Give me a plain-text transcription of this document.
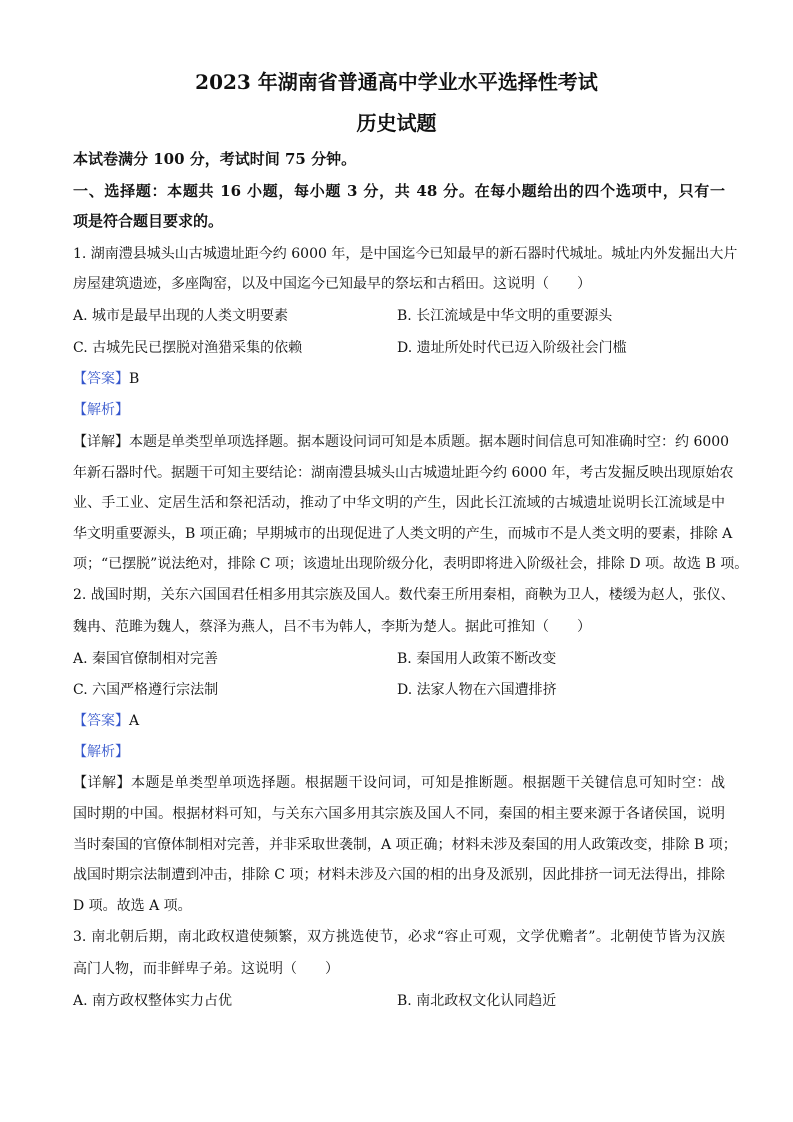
2023 年湖南省普通高中学业水平选择性考试
历史试题
本试卷满分 100 分，考试时间 75 分钟。
一、选择题：本题共 16 小题，每小题 3 分，共 48 分。在每小题给出的四个选项中，只有一
项是符合题目要求的。
1. 湖南澧县城头山古城遗址距今约 6000 年，是中国迄今已知最早的新石器时代城址。城址内外发掘出大片
房屋建筑遗迹，多座陶窑，以及中国迄今已知最早的祭坛和古稻田。这说明（　　）
A. 城市是最早出现的人类文明要素	B. 长江流域是中华文明的重要源头
C. 古城先民已摆脱对渔猎采集的依赖	D. 遗址所处时代已迈入阶级社会门槛
【答案】B
【解析】
【详解】本题是单类型单项选择题。据本题设问词可知是本质题。据本题时间信息可知准确时空：约 6000
年新石器时代。据题干可知主要结论：湖南澧县城头山古城遗址距今约 6000 年，考古发掘反映出现原始农
业、手工业、定居生活和祭祀活动，推动了中华文明的产生，因此长江流域的古城遗址说明长江流域是中
华文明重要源头，B 项正确；早期城市的出现促进了人类文明的产生，而城市不是人类文明的要素，排除 A
项；“已摆脱”说法绝对，排除 C 项；该遗址出现阶级分化，表明即将进入阶级社会，排除 D 项。故选 B 项。
2. 战国时期，关东六国国君任相多用其宗族及国人。数代秦王所用秦相，商鞅为卫人，楼缓为赵人，张仪、
魏冉、范雎为魏人，蔡泽为燕人，吕不韦为韩人，李斯为楚人。据此可推知（　　）
A. 秦国官僚制相对完善	B. 秦国用人政策不断改变
C. 六国严格遵行宗法制	D. 法家人物在六国遭排挤
【答案】A
【解析】
【详解】本题是单类型单项选择题。根据题干设问词，可知是推断题。根据题干关键信息可知时空：战
国时期的中国。根据材料可知，与关东六国多用其宗族及国人不同，秦国的相主要来源于各诸侯国，说明
当时秦国的官僚体制相对完善，并非采取世袭制，A 项正确；材料未涉及秦国的用人政策改变，排除 B 项；
战国时期宗法制遭到冲击，排除 C 项；材料未涉及六国的相的出身及派别，因此排挤一词无法得出，排除
D 项。故选 A 项。
3. 南北朝后期，南北政权遣使频繁，双方挑选使节，必求“容止可观，文学优赡者”。北朝使节皆为汉族
高门人物，而非鲜卑子弟。这说明（　　）
A. 南方政权整体实力占优	B. 南北政权文化认同趋近
